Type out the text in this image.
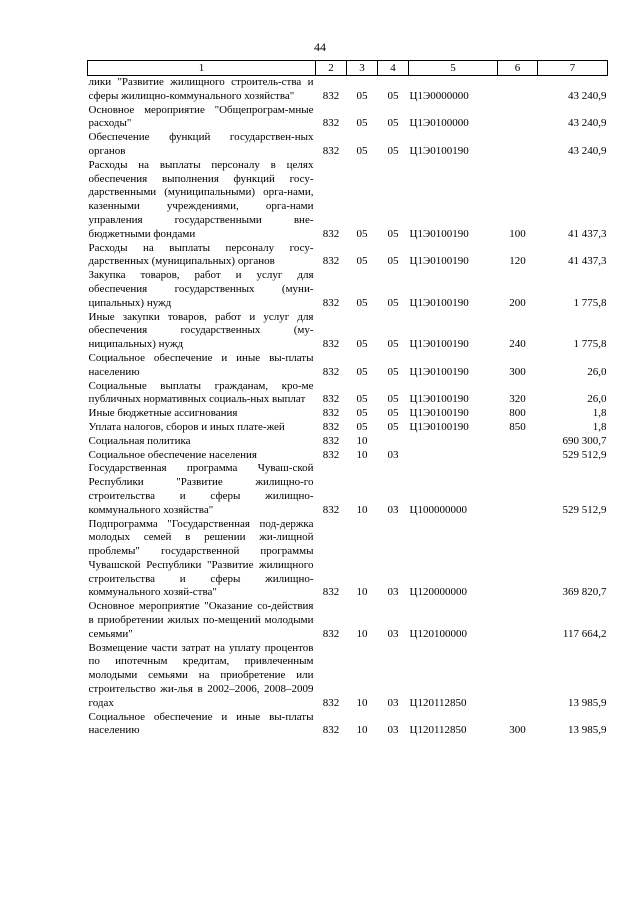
44
1	2	3	4	5	6	7
лики "Развитие жилищного строитель-ства и сферы жилищно-коммунального хозяйства"	832	05	05	Ц1Э0000000		43 240,9
Основное мероприятие "Общепрограм-мные расходы"	832	05	05	Ц1Э0100000		43 240,9
Обеспечение функций государствен-ных органов	832	05	05	Ц1Э0100190		43 240,9
Расходы на выплаты персоналу в целях обеспечения выполнения функций госу-дарственными (муниципальными) орга-нами, казенными учреждениями, орга-нами управления государственными вне-бюджетными фондами	832	05	05	Ц1Э0100190	100	41 437,3
Расходы на выплаты персоналу госу-дарственных (муниципальных) органов	832	05	05	Ц1Э0100190	120	41 437,3
Закупка товаров, работ и услуг для обеспечения государственных (муни-ципальных) нужд	832	05	05	Ц1Э0100190	200	1 775,8
Иные закупки товаров, работ и услуг для обеспечения государственных (му-ниципальных) нужд	832	05	05	Ц1Э0100190	240	1 775,8
Социальное обеспечение и иные вы-платы населению	832	05	05	Ц1Э0100190	300	26,0
Социальные выплаты гражданам, кро-ме публичных нормативных социаль-ных выплат	832	05	05	Ц1Э0100190	320	26,0
Иные бюджетные ассигнования	832	05	05	Ц1Э0100190	800	1,8
Уплата налогов, сборов и иных плате-жей	832	05	05	Ц1Э0100190	850	1,8
Социальная политика	832	10				690 300,7
Социальное обеспечение населения	832	10	03			529 512,9
Государственная программа Чуваш-ской Республики "Развитие жилищно-го строительства и сферы жилищно-коммунального хозяйства"	832	10	03	Ц100000000		529 512,9
Подпрограмма "Государственная под-держка молодых семей в решении жи-лищной проблемы" государственной программы Чувашской Республики "Развитие жилищного строительства и сферы жилищно-коммунального хозяй-ства"	832	10	03	Ц120000000		369 820,7
Основное мероприятие "Оказание со-действия в приобретении жилых по-мещений молодыми семьями"	832	10	03	Ц120100000		117 664,2
Возмещение части затрат на уплату процентов по ипотечным кредитам, привлеченным молодыми семьями на приобретение или строительство жи-лья в 2002–2006, 2008–2009 годах	832	10	03	Ц120112850		13 985,9
Социальное обеспечение и иные вы-платы населению	832	10	03	Ц120112850	300	13 985,9
